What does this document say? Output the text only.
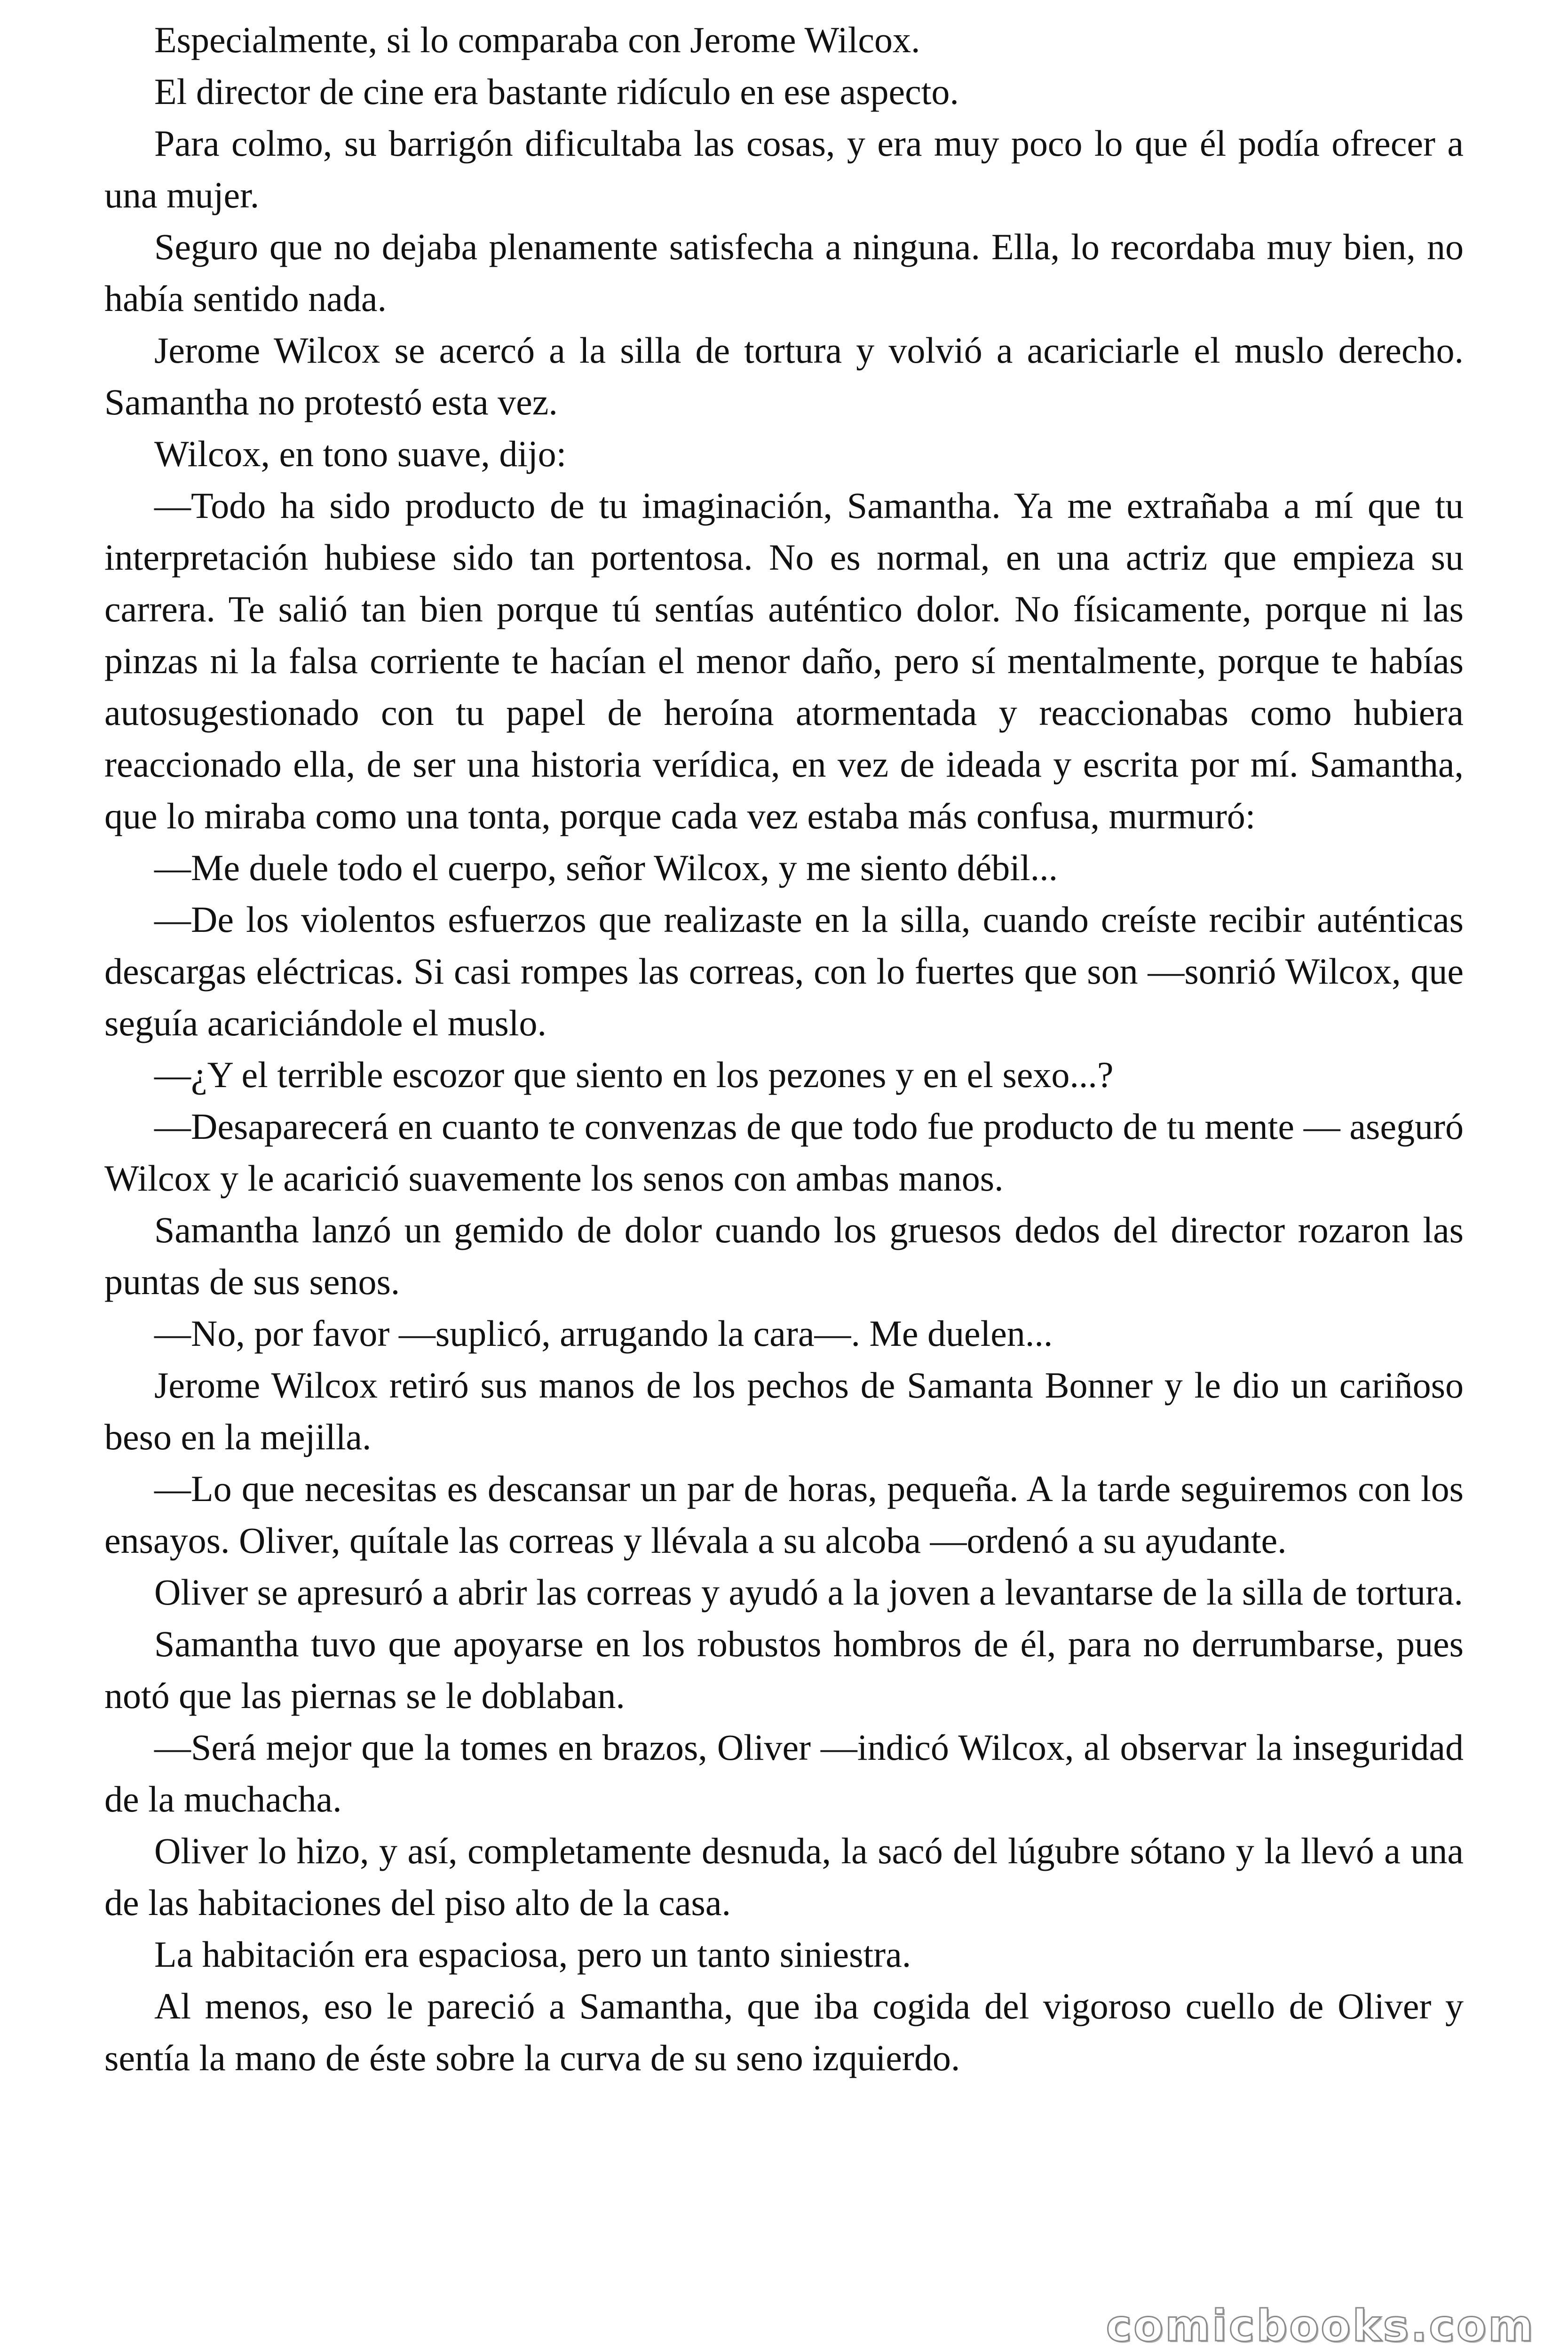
Especialmente, si lo comparaba con Jerome Wilcox.

El director de cine era bastante ridículo en ese aspecto.

Para colmo, su barrigón dificultaba las cosas, y era muy poco lo que él podía ofrecer a una mujer.

Seguro que no dejaba plenamente satisfecha a ninguna. Ella, lo recordaba muy bien, no había sentido nada.

Jerome Wilcox se acercó a la silla de tortura y volvió a acariciarle el muslo derecho. Samantha no protestó esta vez.

Wilcox, en tono suave, dijo:

—Todo ha sido producto de tu imaginación, Samantha. Ya me extrañaba a mí que tu interpretación hubiese sido tan portentosa. No es normal, en una actriz que empieza su carrera. Te salió tan bien porque tú sentías auténtico dolor. No físicamente, porque ni las pinzas ni la falsa corriente te hacían el menor daño, pero sí mentalmente, porque te habías autosugestionado con tu papel de heroína atormentada y reaccionabas como hubiera reaccionado ella, de ser una historia verídica, en vez de ideada y escrita por mí. Samantha, que lo miraba como una tonta, porque cada vez estaba más confusa, murmuró:

—Me duele todo el cuerpo, señor Wilcox, y me siento débil...

—De los violentos esfuerzos que realizaste en la silla, cuando creíste recibir auténticas descargas eléctricas. Si casi rompes las correas, con lo fuertes que son —sonrió Wilcox, que seguía acariciándole el muslo.

—¿Y el terrible escozor que siento en los pezones y en el sexo...?

—Desaparecerá en cuanto te convenzas de que todo fue producto de tu mente — aseguró Wilcox y le acarició suavemente los senos con ambas manos.

Samantha lanzó un gemido de dolor cuando los gruesos dedos del director rozaron las puntas de sus senos.

—No, por favor —suplicó, arrugando la cara—. Me duelen...

Jerome Wilcox retiró sus manos de los pechos de Samanta Bonner y le dio un cariñoso beso en la mejilla.

—Lo que necesitas es descansar un par de horas, pequeña. A la tarde seguiremos con los ensayos. Oliver, quítale las correas y llévala a su alcoba —ordenó a su ayudante.

Oliver se apresuró a abrir las correas y ayudó a la joven a levantarse de la silla de tortura.

Samantha tuvo que apoyarse en los robustos hombros de él, para no derrumbarse, pues notó que las piernas se le doblaban.

—Será mejor que la tomes en brazos, Oliver —indicó Wilcox, al observar la inseguridad de la muchacha.

Oliver lo hizo, y así, completamente desnuda, la sacó del lúgubre sótano y la llevó a una de las habitaciones del piso alto de la casa.

La habitación era espaciosa, pero un tanto siniestra.

Al menos, eso le pareció a Samantha, que iba cogida del vigoroso cuello de Oliver y sentía la mano de éste sobre la curva de su seno izquierdo.

comicbooks.com
